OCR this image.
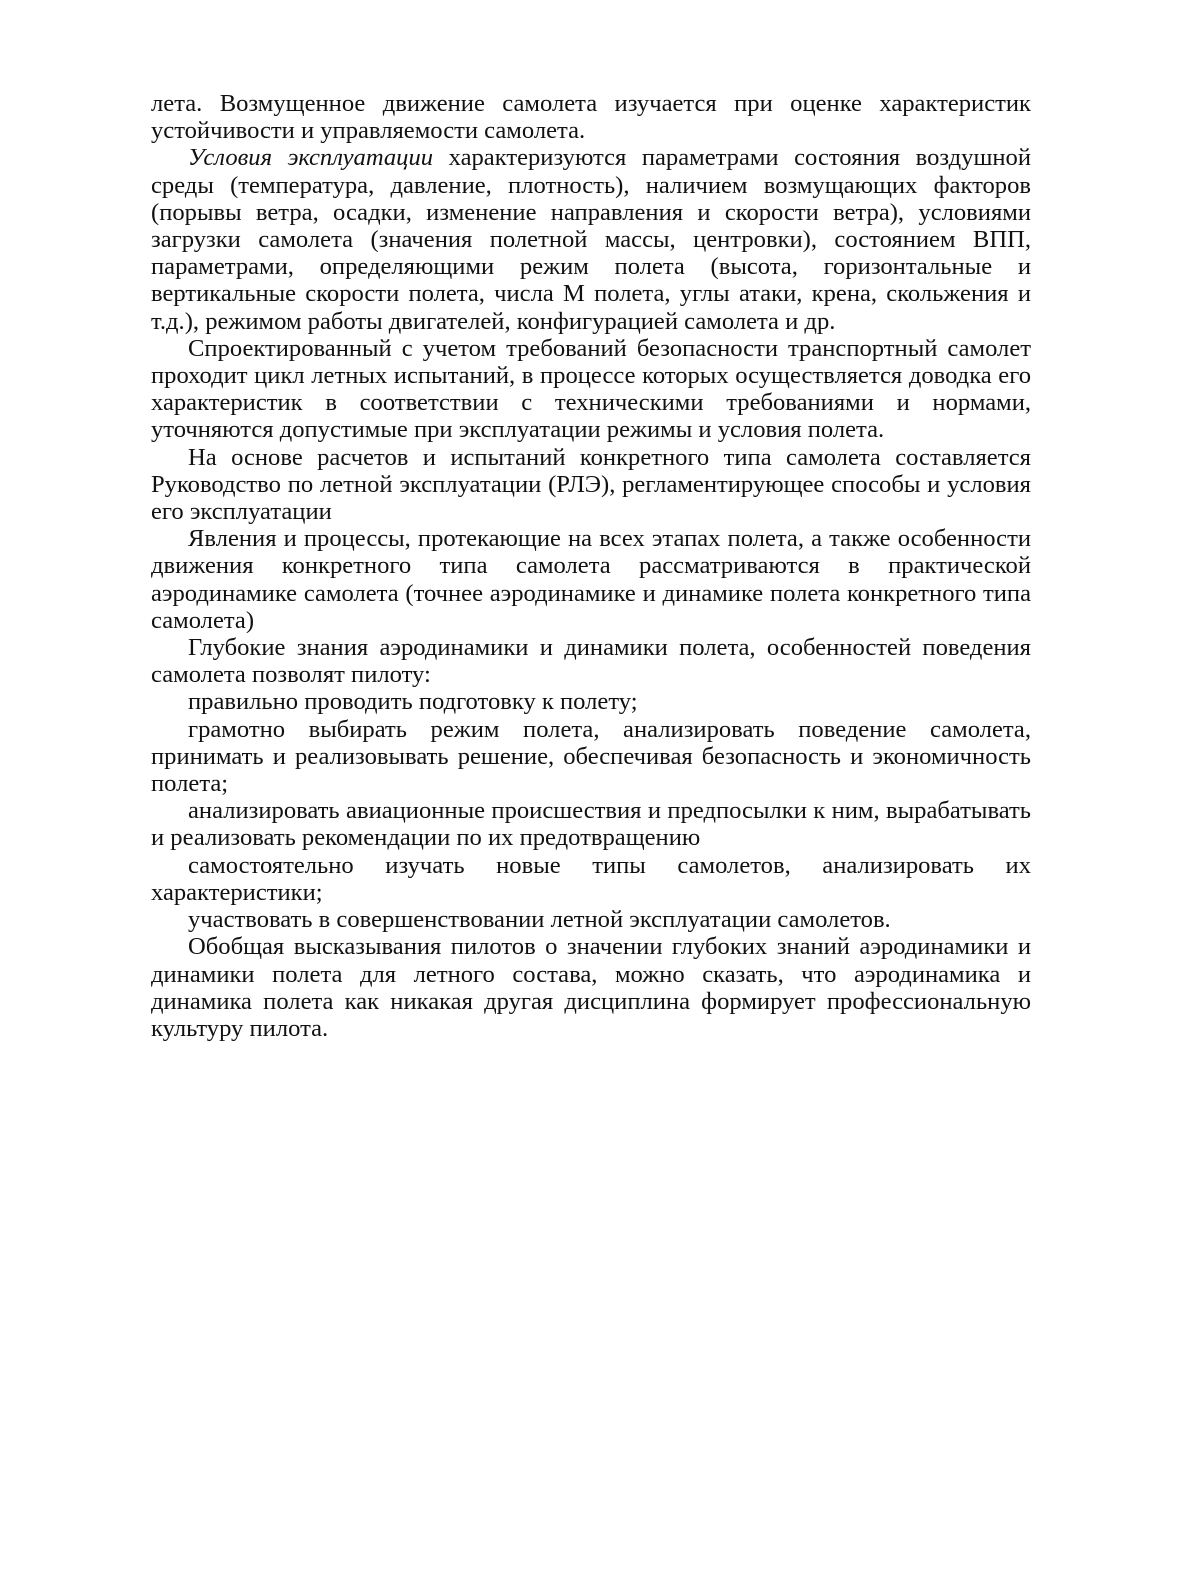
лета. Возмущенное движение самолета изучается при оценке характеристик устойчивости и управляемости самолета.

Условия эксплуатации характеризуются параметрами состояния воздушной среды (температура, давление, плотность), наличием возмущающих факторов (порывы ветра, осадки, изменение направления и скорости ветра), условиями загрузки самолета (значения полетной массы, центровки), состоянием ВПП, параметрами, определяющими режим полета (высота, горизонтальные и вертикальные скорости полета, числа М полета, углы атаки, крена, скольжения и т.д.), режимом работы двигателей, конфигурацией самолета и др.

Спроектированный с учетом требований безопасности транспортный самолет проходит цикл летных испытаний, в процессе которых осуществляется доводка его характеристик в соответствии с техническими требованиями и нормами, уточняются допустимые при эксплуатации режимы и условия полета.

На основе расчетов и испытаний конкретного типа самолета составляется Руководство по летной эксплуатации (РЛЭ), регламентирующее способы и условия его эксплуатации

Явления и процессы, протекающие на всех этапах полета, а также особенности движения конкретного типа самолета рассматриваются в практической аэродинамике самолета (точнее аэродинамике и динамике полета конкретного типа самолета)

Глубокие знания аэродинамики и динамики полета, особенностей поведения самолета позволят пилоту:

правильно проводить подготовку к полету;

грамотно выбирать режим полета, анализировать поведение самолета, принимать и реализовывать решение, обеспечивая безопасность и экономичность полета;

анализировать авиационные происшествия и предпосылки к ним, вырабатывать и реализовать рекомендации по их предотвращению

самостоятельно изучать новые типы самолетов, анализировать их характеристики;

участвовать в совершенствовании летной эксплуатации самолетов.

Обобщая высказывания пилотов о значении глубоких знаний аэродинамики и динамики полета для летного состава, можно сказать, что аэродинамика и динамика полета как никакая другая дисциплина формирует профессиональную культуру пилота.
